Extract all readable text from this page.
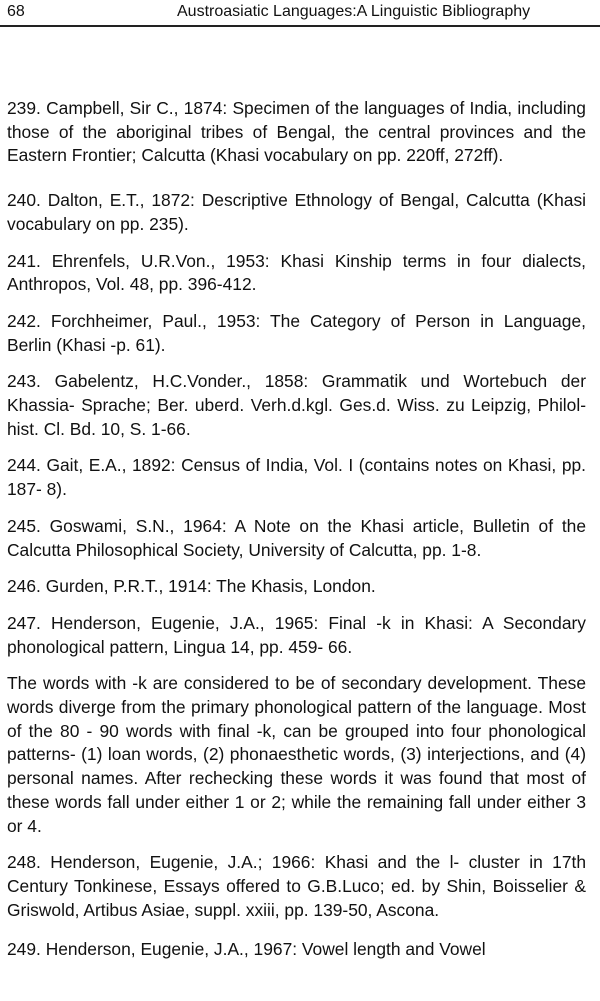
68	Austroasiatic Languages:A Linguistic Bibliography

239. Campbell, Sir C., 1874: Specimen of the languages of India, including those of the aboriginal tribes of Bengal, the central provinces and the Eastern Frontier; Calcutta (Khasi vocabulary on pp. 220ff, 272ff).

240. Dalton, E.T., 1872: Descriptive Ethnology of Bengal, Calcutta (Khasi vocabulary on pp. 235).

241. Ehrenfels, U.R.Von., 1953: Khasi Kinship terms in four dialects, Anthropos, Vol. 48, pp. 396-412.

242. Forchheimer, Paul., 1953: The Category of Person in Language, Berlin (Khasi -p. 61).

243. Gabelentz, H.C.Vonder., 1858: Grammatik und Wortebuch der Khassia- Sprache; Ber. uberd. Verh.d.kgl. Ges.d. Wiss. zu Leipzig, Philol-hist. Cl. Bd. 10, S. 1-66.

244. Gait, E.A., 1892: Census of India, Vol. I (contains notes on Khasi, pp. 187- 8).

245. Goswami, S.N., 1964: A Note on the Khasi article, Bulletin of the Calcutta Philosophical Society, University of Calcutta, pp. 1-8.

246. Gurden, P.R.T., 1914: The Khasis, London.

247. Henderson, Eugenie, J.A., 1965: Final -k in Khasi: A Secondary phonological pattern, Lingua 14, pp. 459- 66.

The words with -k are considered to be of secondary development. These words diverge from the primary phonological pattern of the language. Most of the 80 - 90 words with final -k, can be grouped into four phonological patterns- (1) loan words, (2) phonaesthetic words, (3) interjections, and (4) personal names. After rechecking these words it was found that most of these words fall under either 1 or 2; while the remaining fall under either 3 or 4.

248. Henderson, Eugenie, J.A.; 1966: Khasi and the l- cluster in 17th Century Tonkinese, Essays offered to G.B.Luco; ed. by Shin, Boisselier & Griswold, Artibus Asiae, suppl. xxiii, pp. 139-50, Ascona.

249. Henderson, Eugenie, J.A., 1967: Vowel length and Vowel
